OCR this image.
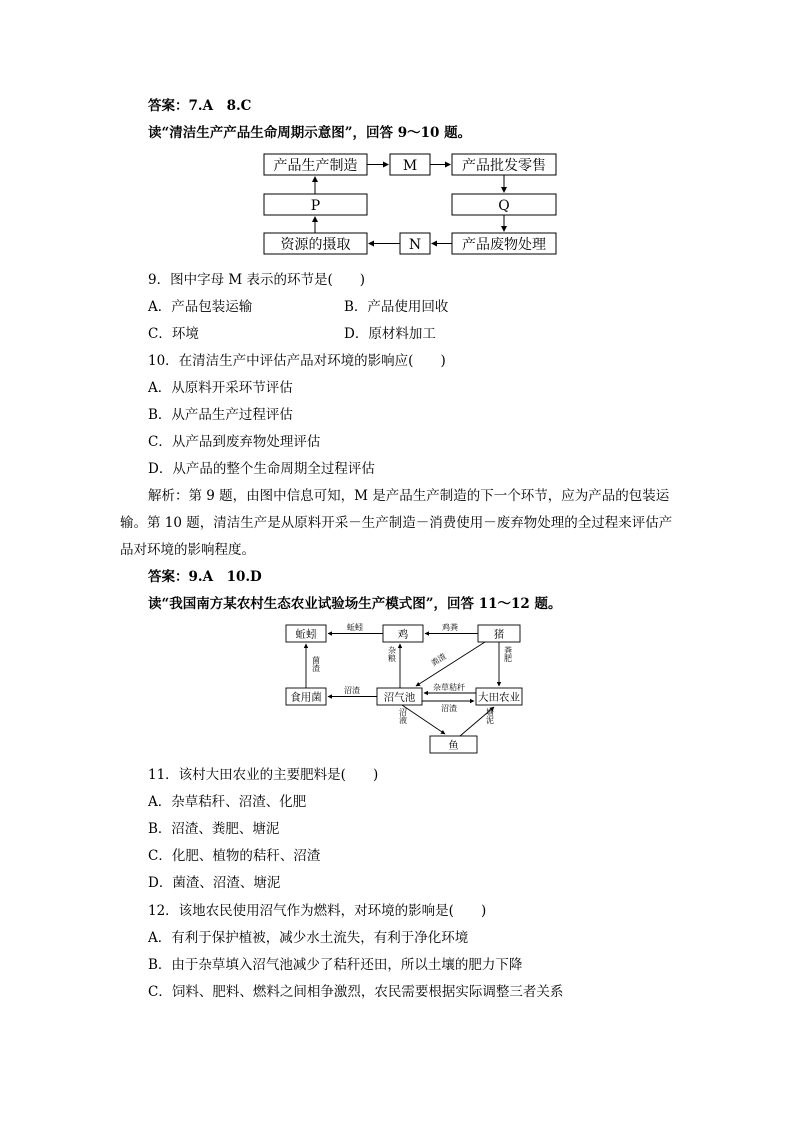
答案：7.A　8.C
读“清洁生产产品生命周期示意图”，回答 9～10 题。
产品生产制造	M	产品批发零售
P	Q
资源的摄取	N	产品废物处理
9．图中字母 M 表示的环节是(　　)
A．产品包装运输	B．产品使用回收
C．环境	D．原材料加工
10．在清洁生产中评估产品对环境的影响应(　　)
A．从原料开采环节评估
B．从产品生产过程评估
C．从产品到废弃物处理评估
D．从产品的整个生命周期全过程评估
解析：第 9 题，由图中信息可知，M 是产品生产制造的下一个环节，应为产品的包装运输。第 10 题，清洁生产是从原料开采－生产制造－消费使用－废弃物处理的全过程来评估产品对环境的影响程度。
答案：9.A　10.D
读“我国南方某农村生态农业试验场生产模式图”，回答 11～12 题。
蚯蚓	鸡	猪
食用菌	沼气池	大田农业
鱼
蚯蚓	鸡粪
菌渣
杂粮	粪渣	粪肥
沼渣	杂草秸秆
沼渣
沼液	塘泥
11．该村大田农业的主要肥料是(　　)
A．杂草秸秆、沼渣、化肥
B．沼渣、粪肥、塘泥
C．化肥、植物的秸秆、沼渣
D．菌渣、沼渣、塘泥
12．该地农民使用沼气作为燃料，对环境的影响是(　　)
A．有利于保护植被，减少水土流失，有利于净化环境
B．由于杂草填入沼气池减少了秸秆还田，所以土壤的肥力下降
C．饲料、肥料、燃料之间相争激烈，农民需要根据实际调整三者关系
